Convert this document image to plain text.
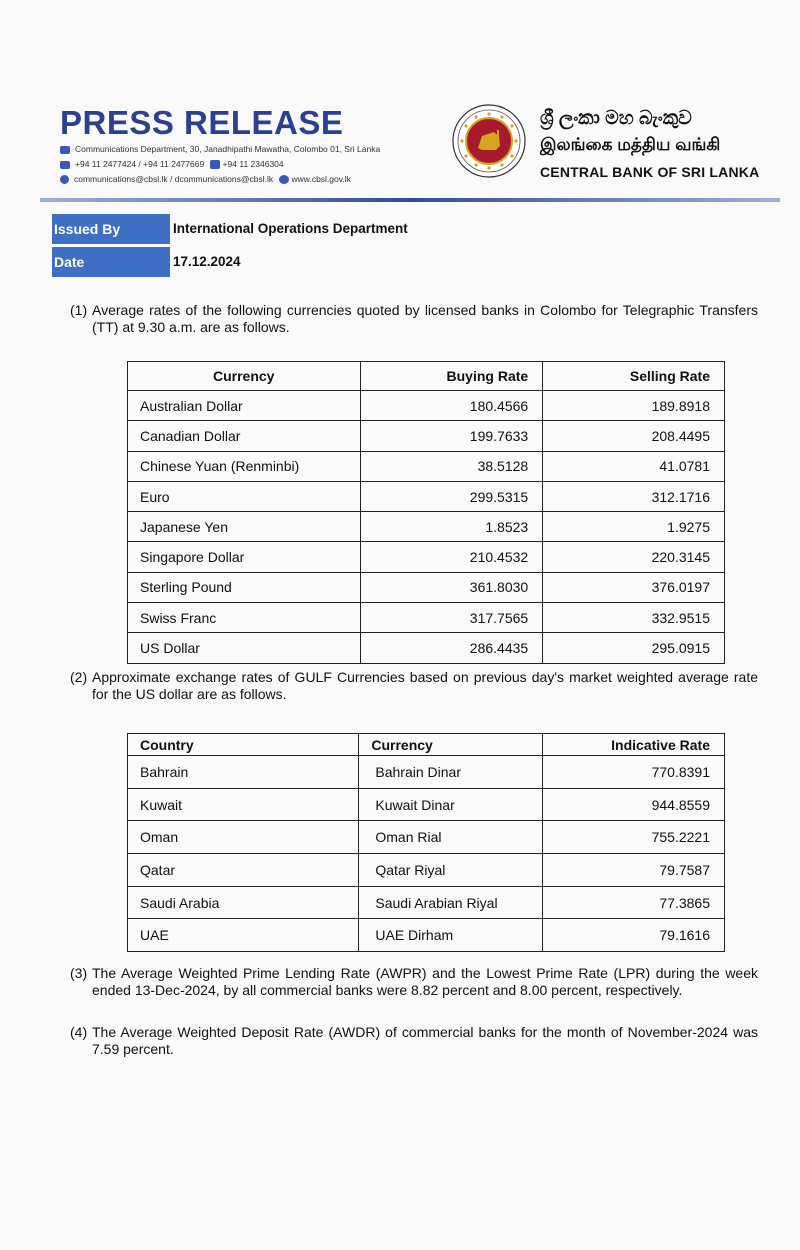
PRESS RELEASE
Communications Department, 30, Janadhipathi Mawatha, Colombo 01, Sri Lanka
+94 11 2477424 / +94 11 2477669 +94 11 2346304
communications@cbsl.lk / dcommunications@cbsl.lk www.cbsl.gov.lk
ශ්‍රී ලංකා මහ බැංකුව
இலங்கை மத்திய வங்கி
CENTRAL BANK OF SRI LANKA
Issued By	International Operations Department
Date	17.12.2024
(1) Average rates of the following currencies quoted by licensed banks in Colombo for Telegraphic Transfers (TT) at 9.30 a.m. are as follows.
Currency	Buying Rate	Selling Rate
Australian Dollar	180.4566	189.8918
Canadian Dollar	199.7633	208.4495
Chinese Yuan (Renminbi)	38.5128	41.0781
Euro	299.5315	312.1716
Japanese Yen	1.8523	1.9275
Singapore Dollar	210.4532	220.3145
Sterling Pound	361.8030	376.0197
Swiss Franc	317.7565	332.9515
US Dollar	286.4435	295.0915
(2) Approximate exchange rates of GULF Currencies based on previous day's market weighted average rate for the US dollar are as follows.
Country	Currency	Indicative Rate
Bahrain	Bahrain Dinar	770.8391
Kuwait	Kuwait Dinar	944.8559
Oman	Oman Rial	755.2221
Qatar	Qatar Riyal	79.7587
Saudi Arabia	Saudi Arabian Riyal	77.3865
UAE	UAE Dirham	79.1616
(3) The Average Weighted Prime Lending Rate (AWPR) and the Lowest Prime Rate (LPR) during the week ended 13-Dec-2024, by all commercial banks were 8.82 percent and 8.00 percent, respectively.
(4) The Average Weighted Deposit Rate (AWDR) of commercial banks for the month of November-2024 was 7.59 percent.
